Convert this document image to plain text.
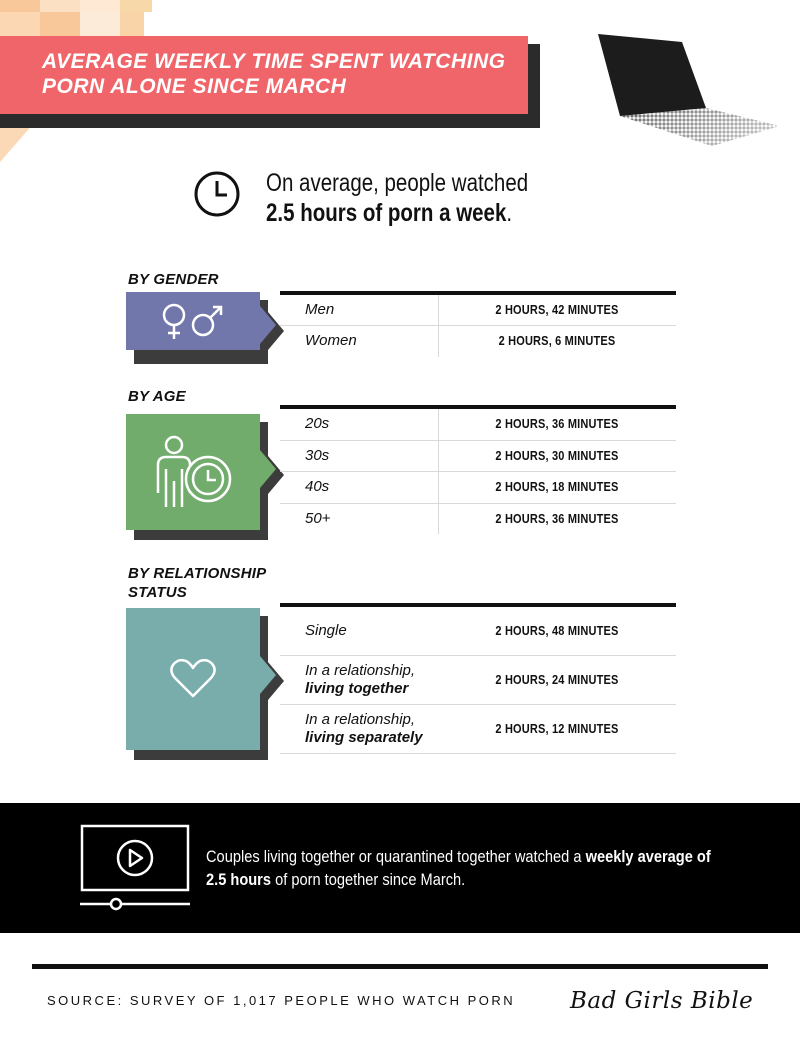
AVERAGE WEEKLY TIME SPENT WATCHING PORN ALONE SINCE MARCH
On average, people watched
2.5 hours of porn a week.
BY GENDER
Men	2 HOURS, 42 MINUTES
Women	2 HOURS, 6 MINUTES
BY AGE
20s	2 HOURS, 36 MINUTES
30s	2 HOURS, 30 MINUTES
40s	2 HOURS, 18 MINUTES
50+	2 HOURS, 36 MINUTES
BY RELATIONSHIP
STATUS
Single	2 HOURS, 48 MINUTES
In a relationship,
living together	2 HOURS, 24 MINUTES
In a relationship,
living separately	2 HOURS, 12 MINUTES
Couples living together or quarantined together watched a weekly average of
2.5 hours of porn together since March.
SOURCE: SURVEY OF 1,017 PEOPLE WHO WATCH PORN Bad Girls Bible
